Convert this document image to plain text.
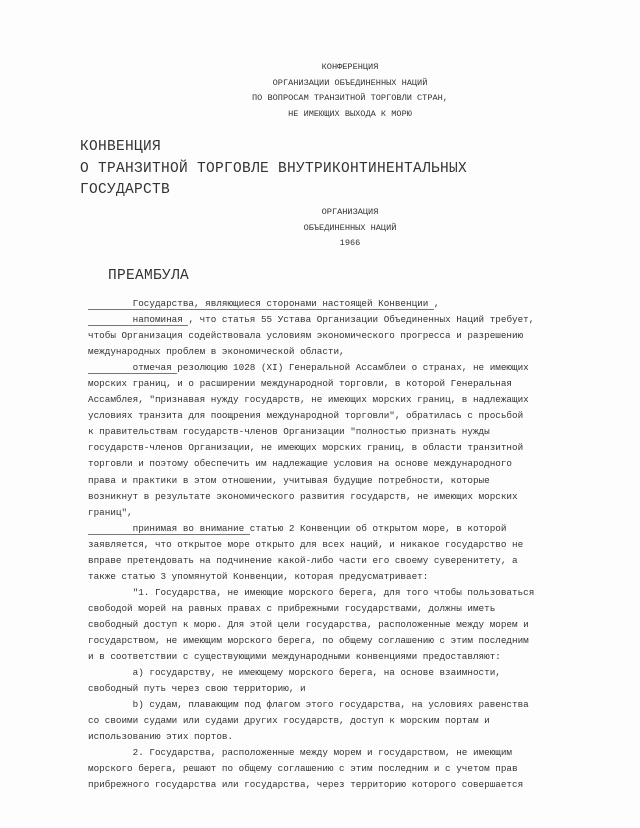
КОНФЕРЕНЦИЯ
ОРГАНИЗАЦИИ ОБЪЕДИНЕННЫХ НАЦИЙ
ПО ВОПРОСАМ ТРАНЗИТНОЙ ТОРГОВЛИ СТРАН,
НЕ ИМЕЮЩИХ ВЫХОДА К МОРЮ
КОНВЕНЦИЯ
О ТРАНЗИТНОЙ ТОРГОВЛЕ ВНУТРИКОНТИНЕНТАЛЬНЫХ
ГОСУДАРСТВ
ОРГАНИЗАЦИЯ
ОБЪЕДИНЕННЫХ НАЦИЙ
1966
ПРЕАМБУЛА
Государства, являющиеся сторонами настоящей Конвенции ,
напоминая , что статья 55 Устава Организации Объединенных Наций требует,
чтобы Организация содействовала условиям экономического прогресса и разрешению
международных проблем в экономической области,
отмечая резолюцию 1028 (XI) Генеральной Ассамблеи о странах, не имеющих
морских границ, и о расширении международной торговли, в которой Генеральная
Ассамблея, "признавая нужду государств, не имеющих морских границ, в надлежащих
условиях транзита для поощрения международной торговли", обратилась с просьбой
к правительствам государств-членов Организации "полностью признать нужды
государств-членов Организации, не имеющих морских границ, в области транзитной
торговли и поэтому обеспечить им надлежащие условия на основе международного
права и практики в этом отношении, учитывая будущие потребности, которые
возникнут в результате экономического развития государств, не имеющих морских
границ",
принимая во внимание статью 2 Конвенции об открытом море, в которой
заявляется, что открытое море открыто для всех наций, и никакое государство не
вправе претендовать на подчинение какой-либо части его своему суверенитету, а
также статью 3 упомянутой Конвенции, которая предусматривает:
"1. Государства, не имеющие морского берега, для того чтобы пользоваться
свободой морей на равных правах с прибрежными государствами, должны иметь
свободный доступ к морю. Для этой цели государства, расположенные между морем и
государством, не имеющим морского берега, по общему соглашению с этим последним
и в соответствии с существующими международными конвенциями предоставляют:
a) государству, не имеющему морского берега, на основе взаимности,
свободный путь через свою территорию, и
b) судам, плавающим под флагом этого государства, на условиях равенства
со своими судами или судами других государств, доступ к морским портам и
использованию этих портов.
2. Государства, расположенные между морем и государством, не имеющим
морского берега, решают по общему соглашению с этим последним и с учетом прав
прибрежного государства или государства, через территорию которого совершается
